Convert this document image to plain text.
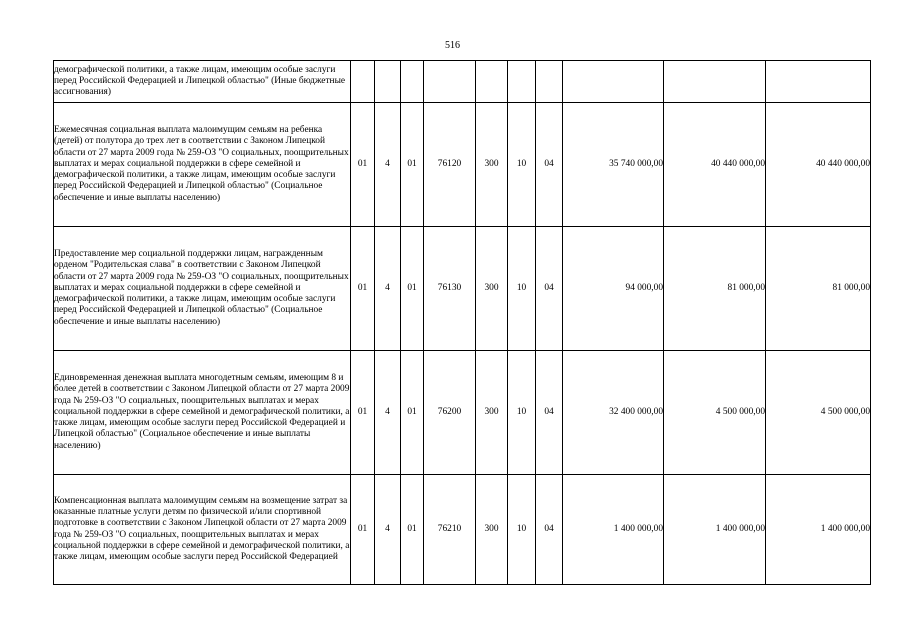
516
демографической политики, а также лицам, имеющим особые заслуги перед Российской Федерацией и Липецкой областью" (Иные бюджетные ассигнования)										
Ежемесячная социальная выплата малоимущим семьям на ребенка (детей) от полутора до трех лет в соответствии с Законом Липецкой области от 27 марта 2009 года № 259-ОЗ "О социальных, поощрительных выплатах и мерах социальной поддержки в сфере семейной и демографической политики, а также лицам, имеющим особые заслуги перед Российской Федерацией и Липецкой областью" (Социальное обеспечение и иные выплаты населению)	01	4	01	76120	300	10	04	35 740 000,00	40 440 000,00	40 440 000,00
Предоставление мер социальной поддержки лицам, награжденным орденом "Родительская слава" в соответствии с Законом Липецкой области от 27 марта 2009 года № 259-ОЗ "О социальных, поощрительных выплатах и мерах социальной поддержки в сфере семейной и демографической политики, а также лицам, имеющим особые заслуги перед Российской Федерацией и Липецкой областью" (Социальное обеспечение и иные выплаты населению)	01	4	01	76130	300	10	04	94 000,00	81 000,00	81 000,00
Единовременная денежная выплата многодетным семьям, имеющим 8 и более детей в соответствии с Законом Липецкой области от 27 марта 2009 года № 259-ОЗ "О социальных, поощрительных выплатах и мерах социальной поддержки в сфере семейной и демографической политики, а также лицам, имеющим особые заслуги перед Российской Федерацией и Липецкой областью" (Социальное обеспечение и иные выплаты населению)	01	4	01	76200	300	10	04	32 400 000,00	4 500 000,00	4 500 000,00
Компенсационная выплата малоимущим семьям на возмещение затрат за оказанные платные услуги детям по физической и/или спортивной подготовке в соответствии с Законом Липецкой области от 27 марта 2009 года № 259-ОЗ "О социальных, поощрительных выплатах и мерах социальной поддержки в сфере семейной и демографической политики, а также лицам, имеющим особые заслуги перед Российской Федерацией	01	4	01	76210	300	10	04	1 400 000,00	1 400 000,00	1 400 000,00
